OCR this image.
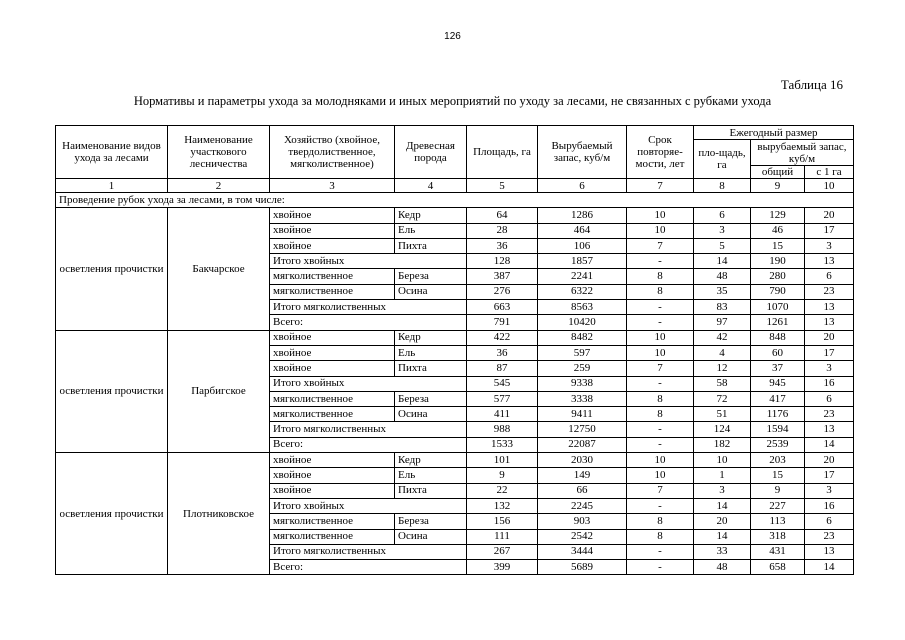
126
Таблица 16
Нормативы и параметры ухода за молодняками и иных мероприятий по уходу за лесами, не связанных с рубками ухода
Наименование видов ухода за лесами	Наименование участкового лесничества	Хозяйство (хвойное, твердолиственное, мягколиственное)	Древесная порода	Площадь, га	Вырубаемый запас, куб/м	Срок повторяе-мости, лет	Ежегодный размер		
							пло-щадь, га	вырубаемый запас, куб/м	
								общий	с 1 га
1	2	3	4	5	6	7	8	9	10
Проведение рубок ухода за лесами, в том числе:									
осветления прочистки	Бакчарское	хвойное	Кедр	64	1286	10	6	129	20
		хвойное	Ель	28	464	10	3	46	17
		хвойное	Пихта	36	106	7	5	15	3
		Итого хвойных		128	1857	-	14	190	13
		мягколиственное	Береза	387	2241	8	48	280	6
		мягколиственное	Осина	276	6322	8	35	790	23
		Итого мягколиственных		663	8563	-	83	1070	13
		Всего:		791	10420	-	97	1261	13
осветления прочистки	Парбигское	хвойное	Кедр	422	8482	10	42	848	20
		хвойное	Ель	36	597	10	4	60	17
		хвойное	Пихта	87	259	7	12	37	3
		Итого хвойных		545	9338	-	58	945	16
		мягколиственное	Береза	577	3338	8	72	417	6
		мягколиственное	Осина	411	9411	8	51	1176	23
		Итого мягколиственных		988	12750	-	124	1594	13
		Всего:		1533	22087	-	182	2539	14
осветления прочистки	Плотниковское	хвойное	Кедр	101	2030	10	10	203	20
		хвойное	Ель	9	149	10	1	15	17
		хвойное	Пихта	22	66	7	3	9	3
		Итого хвойных		132	2245	-	14	227	16
		мягколиственное	Береза	156	903	8	20	113	6
		мягколиственное	Осина	111	2542	8	14	318	23
		Итого мягколиственных		267	3444	-	33	431	13
		Всего:		399	5689	-	48	658	14
